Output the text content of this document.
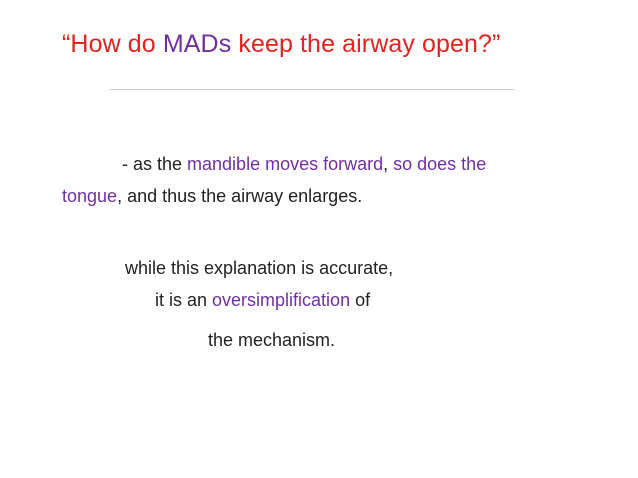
“How do MADs keep the airway open?”
- as the mandible moves forward, so does the
tongue, and thus the airway enlarges.
while this explanation is accurate,
it is an oversimplification of
the mechanism.
